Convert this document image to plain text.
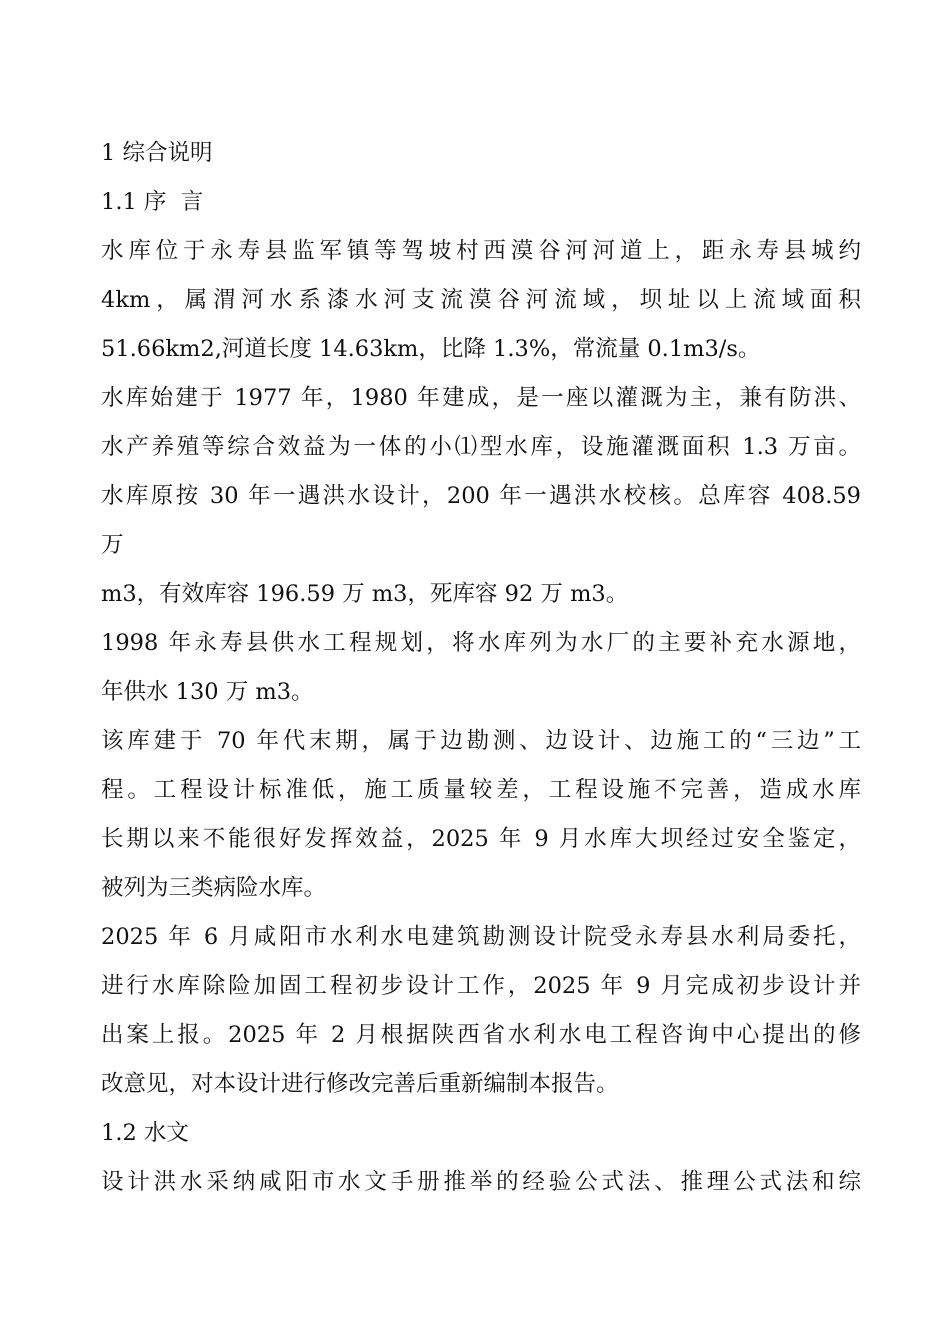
1 综合说明
1.1 序  言
水库位于永寿县监军镇等驾坡村西漠谷河河道上，距永寿县城约
4km，属渭河水系漆水河支流漠谷河流域，坝址以上流域面积
51.66km2,河道长度 14.63km，比降 1.3%，常流量 0.1m3/s。
水库始建于 1977 年，1980 年建成，是一座以灌溉为主，兼有防洪、
水产养殖等综合效益为一体的小⑴型水库，设施灌溉面积 1.3 万亩。
水库原按 30 年一遇洪水设计，200 年一遇洪水校核。总库容 408.59
万
m3，有效库容 196.59 万 m3，死库容 92 万 m3。
1998 年永寿县供水工程规划，将水库列为水厂的主要补充水源地，
年供水 130 万 m3。
该库建于 70 年代末期，属于边勘测、边设计、边施工的“三边”工
程。工程设计标准低，施工质量较差，工程设施不完善，造成水库
长期以来不能很好发挥效益，2025 年 9 月水库大坝经过安全鉴定，
被列为三类病险水库。
2025 年 6 月咸阳市水利水电建筑勘测设计院受永寿县水利局委托，
进行水库除险加固工程初步设计工作，2025 年 9 月完成初步设计并
出案上报。2025 年 2 月根据陕西省水利水电工程咨询中心提出的修
改意见，对本设计进行修改完善后重新编制本报告。
1.2 水文
设计洪水采纳咸阳市水文手册推举的经验公式法、推理公式法和综
